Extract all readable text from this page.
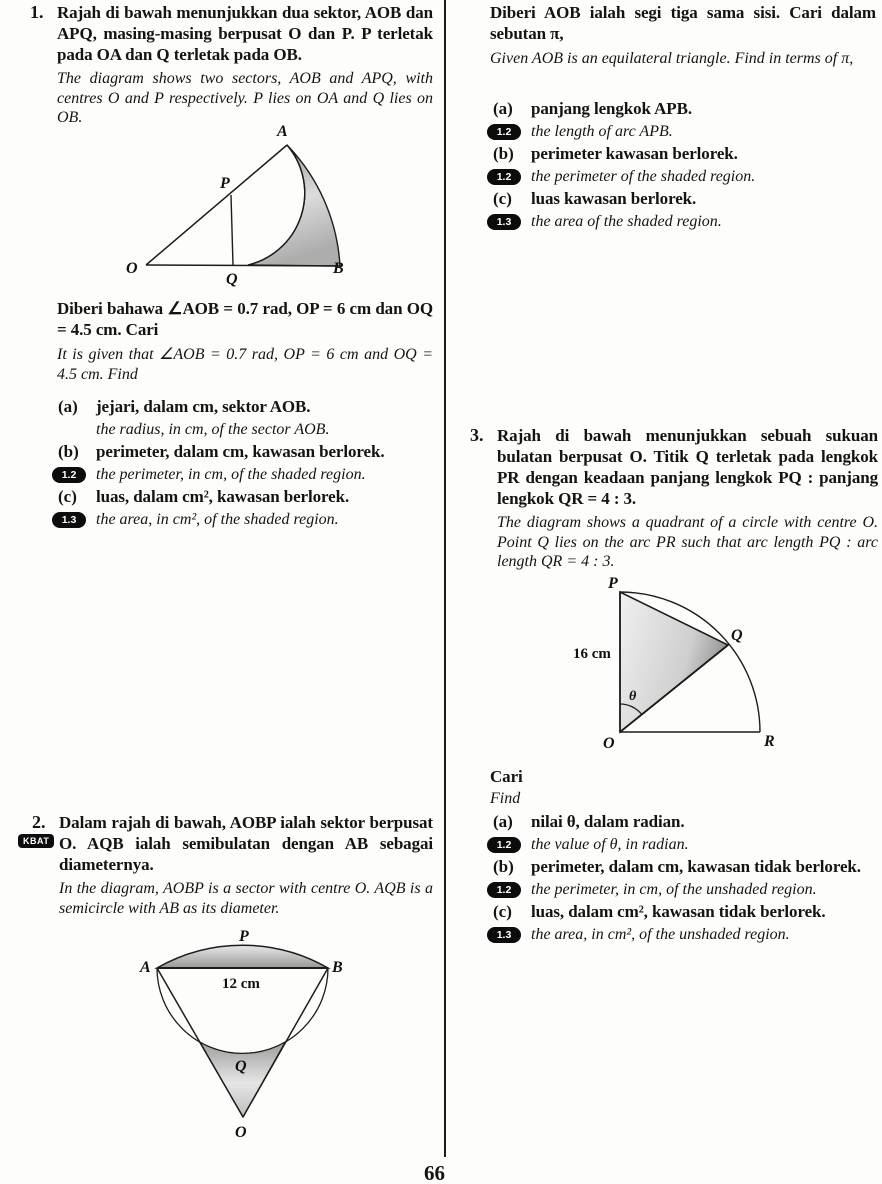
1. Rajah di bawah menunjukkan dua sektor, AOB dan APQ, masing-masing berpusat O dan P. P terletak pada OA dan Q terletak pada OB.

The diagram shows two sectors, AOB and APQ, with centres O and P respectively. P lies on OA and Q lies on OB.

A
P
O
Q
B

Diberi bahawa ∠AOB = 0.7 rad, OP = 6 cm dan OQ = 4.5 cm. Cari

It is given that ∠AOB = 0.7 rad, OP = 6 cm and OQ = 4.5 cm. Find

(a)	jejari, dalam cm, sektor AOB.
the radius, in cm, of the sector AOB.
(b)	perimeter, dalam cm, kawasan berlorek.
1.2	the perimeter, in cm, of the shaded region.
(c)	luas, dalam cm², kawasan berlorek.
1.3	the area, in cm², of the shaded region.
2.
KBAT

Dalam rajah di bawah, AOBP ialah sektor berpusat O. AQB ialah semibulatan dengan AB sebagai diameternya.

In the diagram, AOBP is a sector with centre O. AQB is a semicircle with AB as its diameter.

P
A	B
12 cm
Q
O

Diberi AOB ialah segi tiga sama sisi. Cari dalam sebutan π,

Given AOB is an equilateral triangle. Find in terms of π,

(a)	panjang lengkok APB.
1.2	the length of arc APB.
(b)	perimeter kawasan berlorek.
1.2	the perimeter of the shaded region.
(c)	luas kawasan berlorek.
1.3	the area of the shaded region.
3. Rajah di bawah menunjukkan sebuah sukuan bulatan berpusat O. Titik Q terletak pada lengkok PR dengan keadaan panjang lengkok PQ : panjang lengkok QR = 4 : 3.

The diagram shows a quadrant of a circle with centre O. Point Q lies on the arc PR such that arc length PQ : arc length QR = 4 : 3.

P
Q
R
O
16 cm
θ

Cari

Find

(a)	nilai θ, dalam radian.
1.2	the value of θ, in radian.
(b)	perimeter, dalam cm, kawasan tidak berlorek.
1.2	the perimeter, in cm, of the unshaded region.
(c)	luas, dalam cm², kawasan tidak berlorek.
1.3	the area, in cm², of the unshaded region.
66
